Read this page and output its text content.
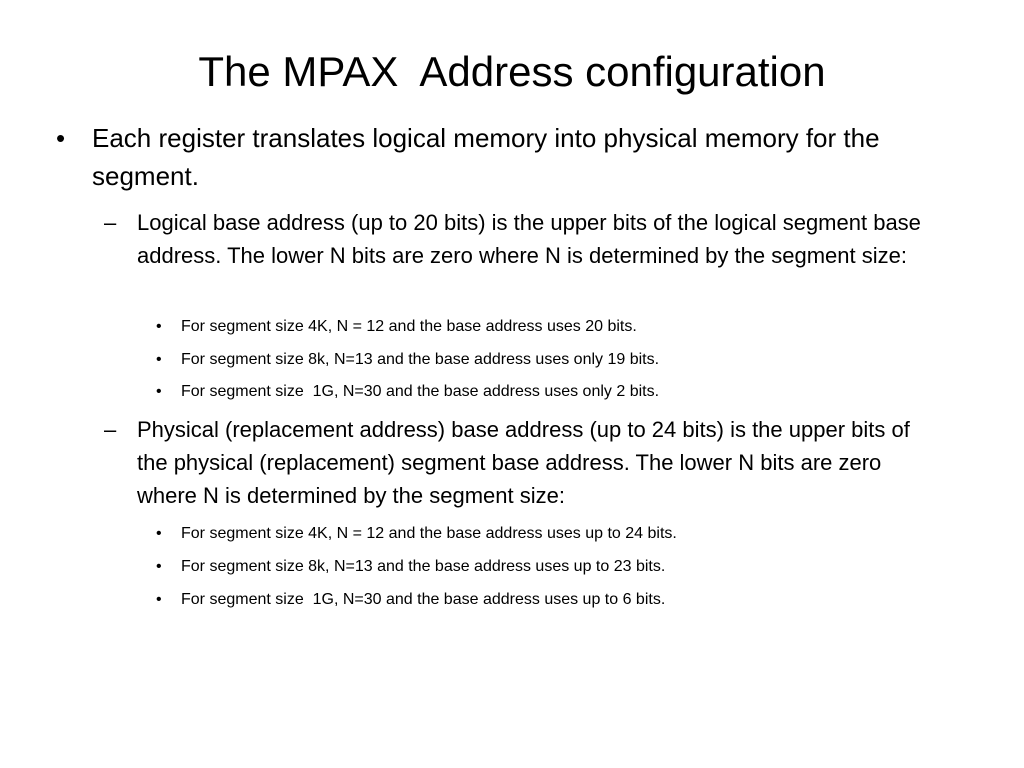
The MPAX  Address configuration
•	Each register translates logical memory into physical memory for the segment.
– Logical base address (up to 20 bits) is the upper bits of the logical segment base address. The lower N bits are zero where N is determined by the segment size:
•	For segment size 4K, N = 12 and the base address uses 20 bits.
•	For segment size 8k, N=13 and the base address uses only 19 bits.
•	For segment size  1G, N=30 and the base address uses only 2 bits.
– Physical (replacement address) base address (up to 24 bits) is the upper bits of the physical (replacement) segment base address. The lower N bits are zero where N is determined by the segment size:
•	For segment size 4K, N = 12 and the base address uses up to 24 bits.
•	For segment size 8k, N=13 and the base address uses up to 23 bits.
•	For segment size  1G, N=30 and the base address uses up to 6 bits.
